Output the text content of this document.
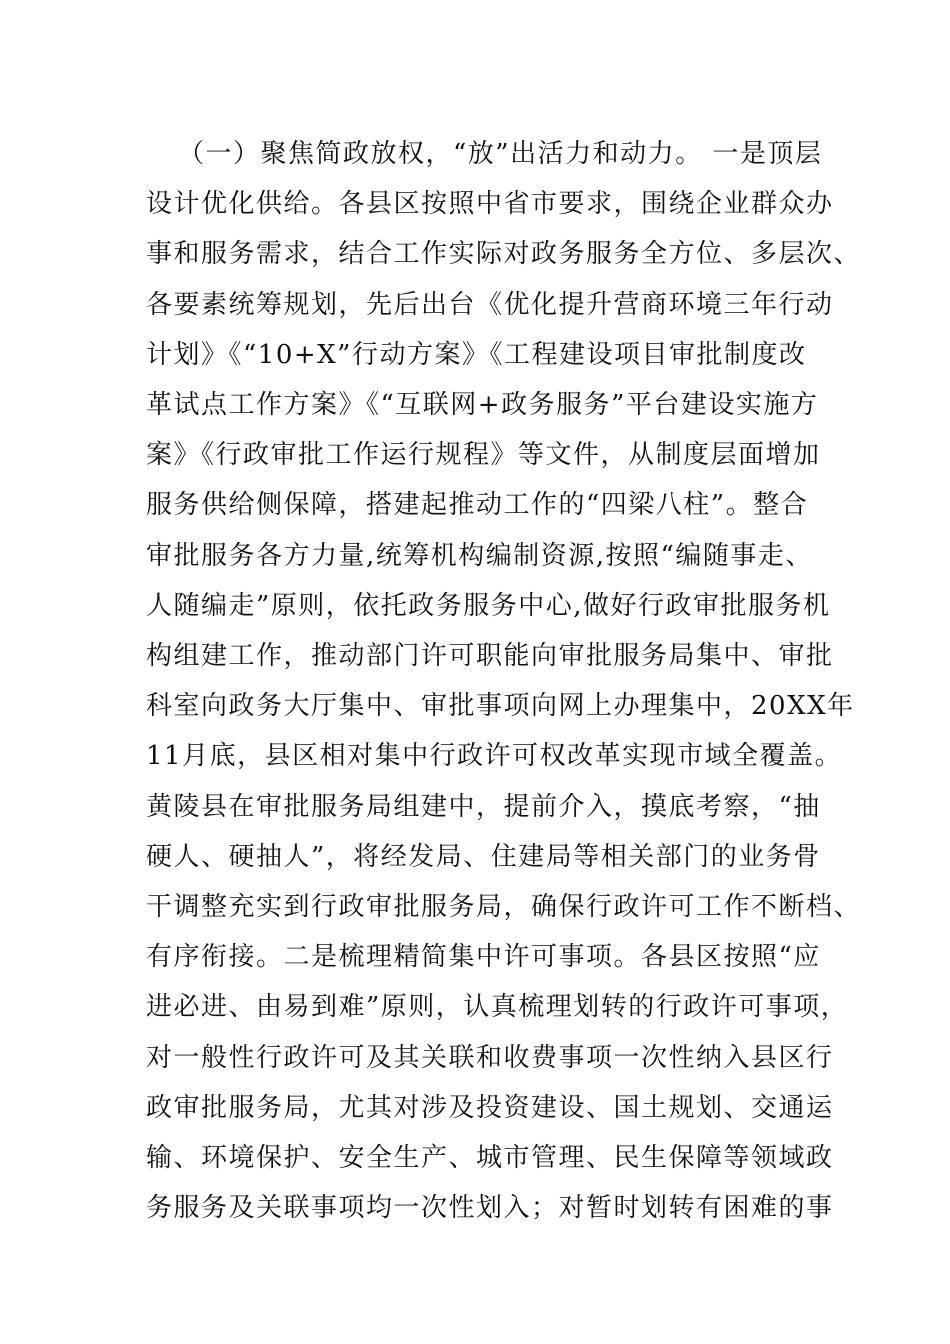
（一）聚焦简政放权，“放”出活力和动力。 一是顶层
设计优化供给。各县区按照中省市要求，围绕企业群众办
事和服务需求，结合工作实际对政务服务全方位、多层次、
各要素统筹规划，先后出台《优化提升营商环境三年行动
计划》《“10+X”行动方案》《工程建设项目审批制度改
革试点工作方案》《“互联网+政务服务”平台建设实施方
案》《行政审批工作运行规程》等文件，从制度层面增加
服务供给侧保障，搭建起推动工作的“四梁八柱”。整合
审批服务各方力量,统筹机构编制资源,按照“编随事走、
人随编走”原则，依托政务服务中心,做好行政审批服务机
构组建工作，推动部门许可职能向审批服务局集中、审批
科室向政务大厅集中、审批事项向网上办理集中，20XX年
11月底，县区相对集中行政许可权改革实现市域全覆盖。
黄陵县在审批服务局组建中，提前介入，摸底考察，“抽
硬人、硬抽人”，将经发局、住建局等相关部门的业务骨
干调整充实到行政审批服务局，确保行政许可工作不断档、
有序衔接。二是梳理精简集中许可事项。各县区按照“应
进必进、由易到难”原则，认真梳理划转的行政许可事项，
对一般性行政许可及其关联和收费事项一次性纳入县区行
政审批服务局，尤其对涉及投资建设、国土规划、交通运
输、环境保护、安全生产、城市管理、民生保障等领域政
务服务及关联事项均一次性划入；对暂时划转有困难的事
